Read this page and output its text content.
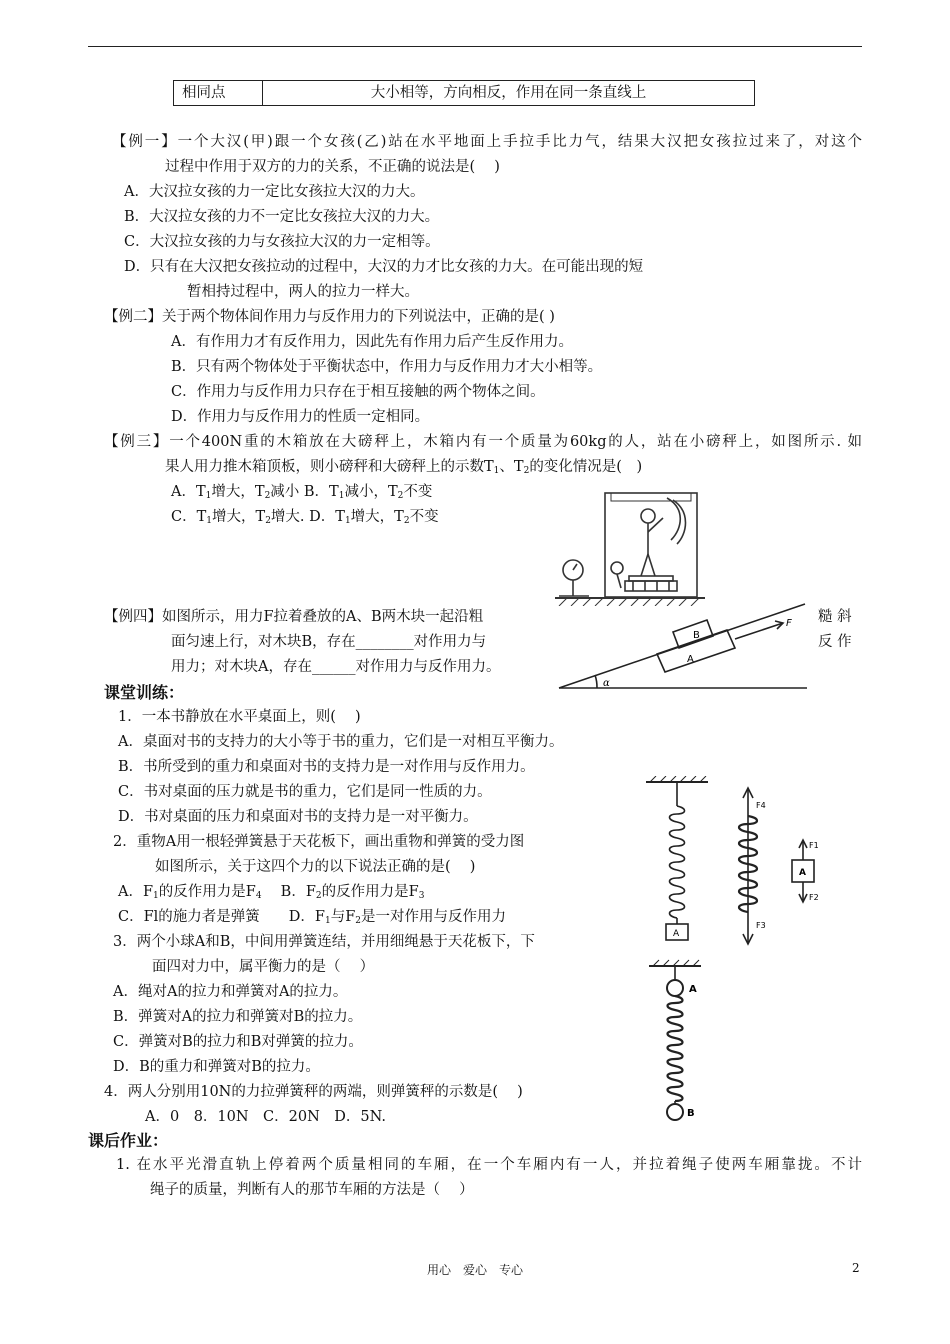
相同点	大小相等，方向相反，作用在同一条直线上
【例一】一个大汉(甲)跟一个女孩(乙)站在水平地面上手拉手比力气，结果大汉把女孩拉过来了，对这个
过程中作用于双方的力的关系，不正确的说法是(　 )
A．大汉拉女孩的力一定比女孩拉大汉的力大。
B．大汉拉女孩的力不一定比女孩拉大汉的力大。
C．大汉拉女孩的力与女孩拉大汉的力一定相等。
D．只有在大汉把女孩拉动的过程中，大汉的力才比女孩的力大。在可能出现的短
暂相持过程中，两人的拉力一样大。
【例二】关于两个物体间作用力与反作用力的下列说法中，正确的是( )
A．有作用力才有反作用力，因此先有作用力后产生反作用力。
B．只有两个物体处于平衡状态中，作用力与反作用力才大小相等。
C．作用力与反作用力只存在于相互接触的两个物体之间。
D．作用力与反作用力的性质一定相同。
【例三】一个400N重的木箱放在大磅秤上，木箱内有一个质量为60kg的人，站在小磅秤上，如图所示. 如
果人用力推木箱顶板，则小磅秤和大磅秤上的示数$T_1$、$T_2$的变化情况是(　)
A．$T_1$增大，$T_2$减小 B．$T_1$减小，$T_2$不变
C．$T_1$增大，$T_2$增大. D．$T_1$增大，$T_2$不变
【例四】如图所示，用力F拉着叠放的A、B两木块一起沿粗	糙 斜
面匀速上行，对木块B，存在________对作用力与	反 作
用力；对木块A，存在______对作用力与反作用力。
B
A
F
α
课堂训练：
1．一本书静放在水平桌面上，则(　 )
A．桌面对书的支持力的大小等于书的重力，它们是一对相互平衡力。
B．书所受到的重力和桌面对书的支持力是一对作用与反作用力。
C．书对桌面的压力就是书的重力，它们是同一性质的力。
D．书对桌面的压力和桌面对书的支持力是一对平衡力。
2．重物A用一根轻弹簧悬于天花板下，画出重物和弹簧的受力图
如图所示，关于这四个力的以下说法正确的是(　 )
A．$F_1$的反作用力是$F_4$　 B．$F_2$的反作用力是$F_3$
C．Fl的施力者是弹簧　　D．$F_1$与$F_2$是一对作用与反作用力
A
A
F4
F3
F1
F2
3．两个小球A和B，中间用弹簧连结，并用细绳悬于天花板下，下
面四对力中，属平衡力的是（　 ）
A．绳对A的拉力和弹簧对A的拉力。
B．弹簧对A的拉力和弹簧对B的拉力。
C．弹簧对B的拉力和B对弹簧的拉力。
D．B的重力和弹簧对B的拉力。
A
B
4．两人分别用10N的力拉弹簧秤的两端，则弹簧秤的示数是(　 )
A．0　8．10N　C．20N　D．5N.
课后作业：
1. 在水平光滑直轨上停着两个质量相同的车厢，在一个车厢内有一人，并拉着绳子使两车厢靠拢。不计
绳子的质量，判断有人的那节车厢的方法是（　 ）
用心　爱心　专心	2
